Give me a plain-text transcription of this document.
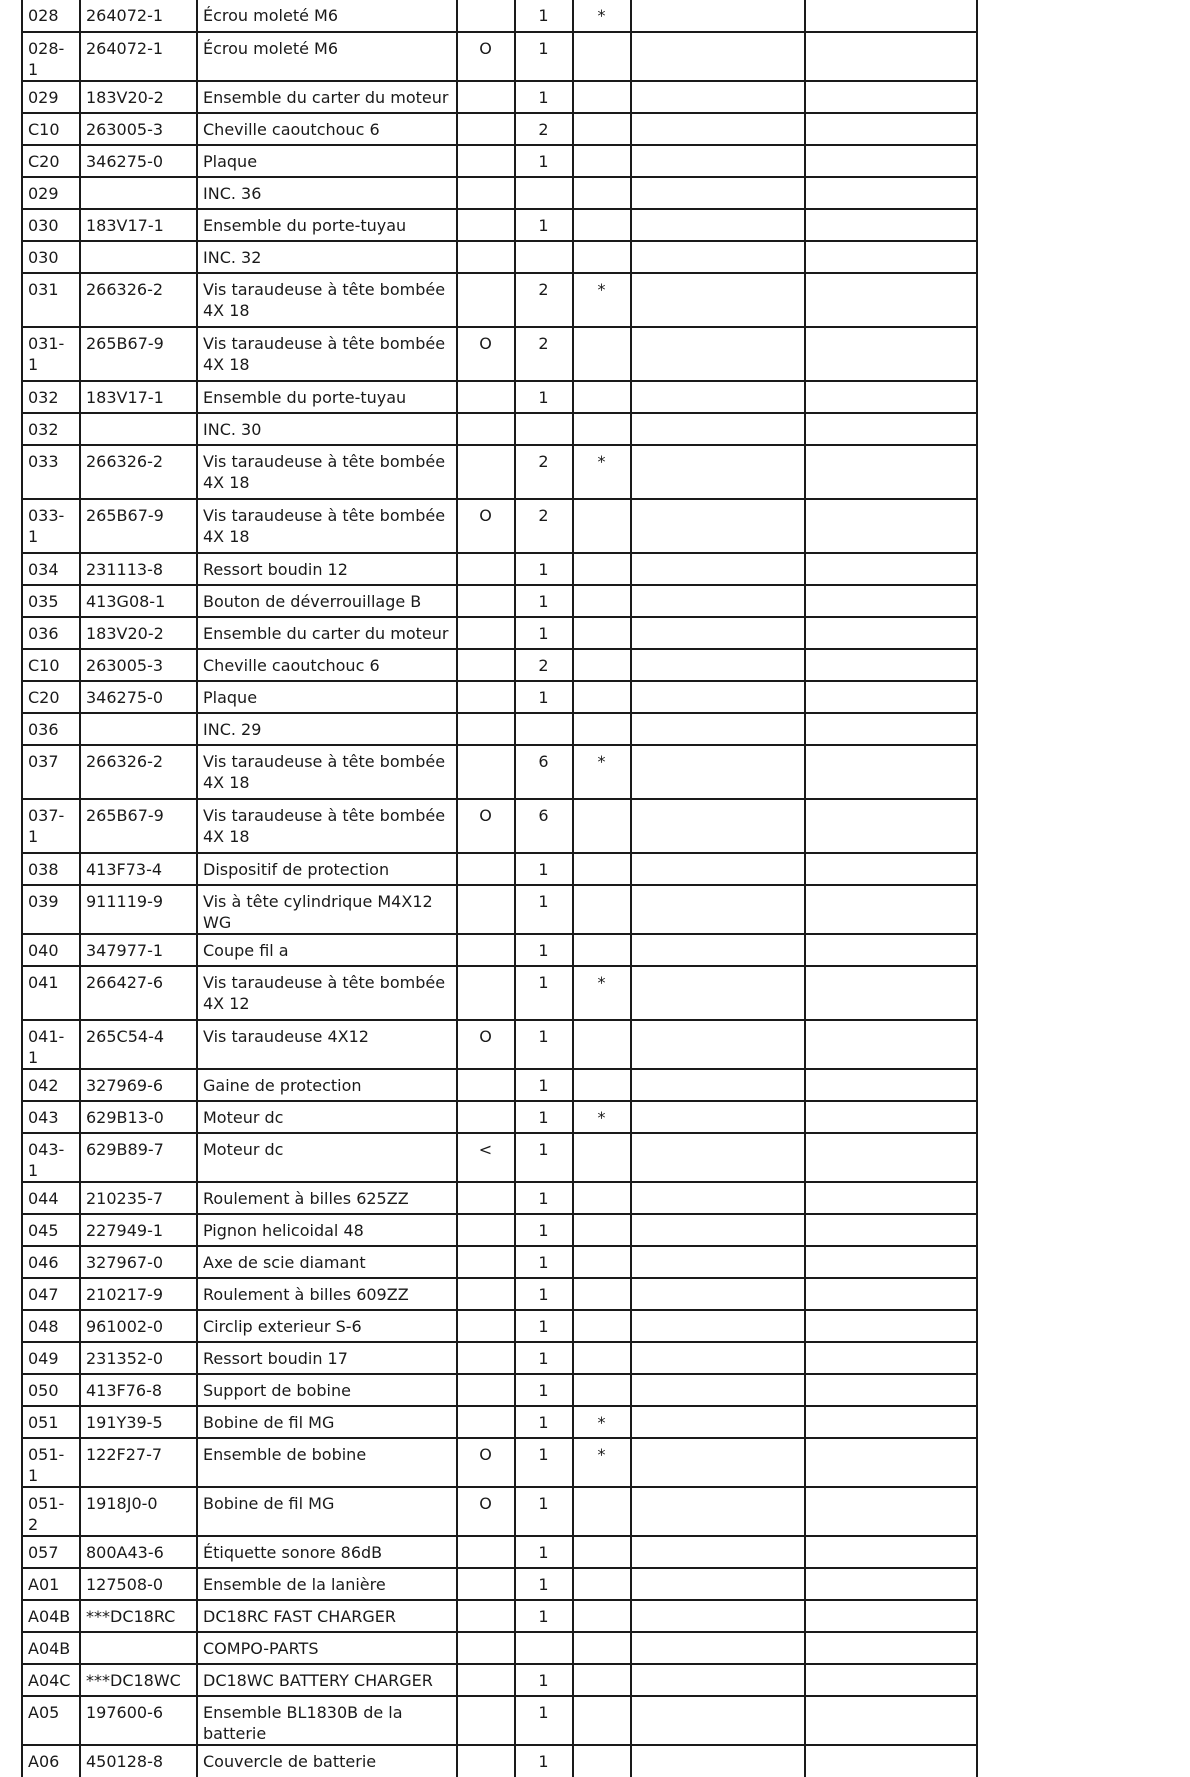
028	264072-1	Écrou moleté M6		1	*		
028-1	264072-1	Écrou moleté M6	O	1			
029	183V20-2	Ensemble du carter du moteur		1			
C10	263005-3	Cheville caoutchouc 6		2			
C20	346275-0	Plaque		1			
029		INC. 36					
030	183V17-1	Ensemble du porte-tuyau		1			
030		INC. 32					
031	266326-2	Vis taraudeuse à tête bombée 4X 18		2	*		
031-1	265B67-9	Vis taraudeuse à tête bombée 4X 18	O	2			
032	183V17-1	Ensemble du porte-tuyau		1			
032		INC. 30					
033	266326-2	Vis taraudeuse à tête bombée 4X 18		2	*		
033-1	265B67-9	Vis taraudeuse à tête bombée 4X 18	O	2			
034	231113-8	Ressort boudin 12		1			
035	413G08-1	Bouton de déverrouillage B		1			
036	183V20-2	Ensemble du carter du moteur		1			
C10	263005-3	Cheville caoutchouc 6		2			
C20	346275-0	Plaque		1			
036		INC. 29					
037	266326-2	Vis taraudeuse à tête bombée 4X 18		6	*		
037-1	265B67-9	Vis taraudeuse à tête bombée 4X 18	O	6			
038	413F73-4	Dispositif de protection		1			
039	911119-9	Vis à tête cylindrique M4X12 WG		1			
040	347977-1	Coupe fil a		1			
041	266427-6	Vis taraudeuse à tête bombée 4X 12		1	*		
041-1	265C54-4	Vis taraudeuse 4X12	O	1			
042	327969-6	Gaine de protection		1			
043	629B13-0	Moteur dc		1	*		
043-1	629B89-7	Moteur dc	<	1			
044	210235-7	Roulement à billes 625ZZ		1			
045	227949-1	Pignon helicoidal 48		1			
046	327967-0	Axe de scie diamant		1			
047	210217-9	Roulement à billes 609ZZ		1			
048	961002-0	Circlip exterieur S-6		1			
049	231352-0	Ressort boudin 17		1			
050	413F76-8	Support de bobine		1			
051	191Y39-5	Bobine de fil MG		1	*		
051-1	122F27-7	Ensemble de bobine	O	1	*		
051-2	1918J0-0	Bobine de fil MG	O	1			
057	800A43-6	Étiquette sonore 86dB		1			
A01	127508-0	Ensemble de la lanière		1			
A04B	***DC18RC	DC18RC FAST CHARGER		1			
A04B		COMPO-PARTS					
A04C	***DC18WC	DC18WC BATTERY CHARGER		1			
A05	197600-6	Ensemble BL1830B de la batterie		1			
A06	450128-8	Couvercle de batterie		1			
